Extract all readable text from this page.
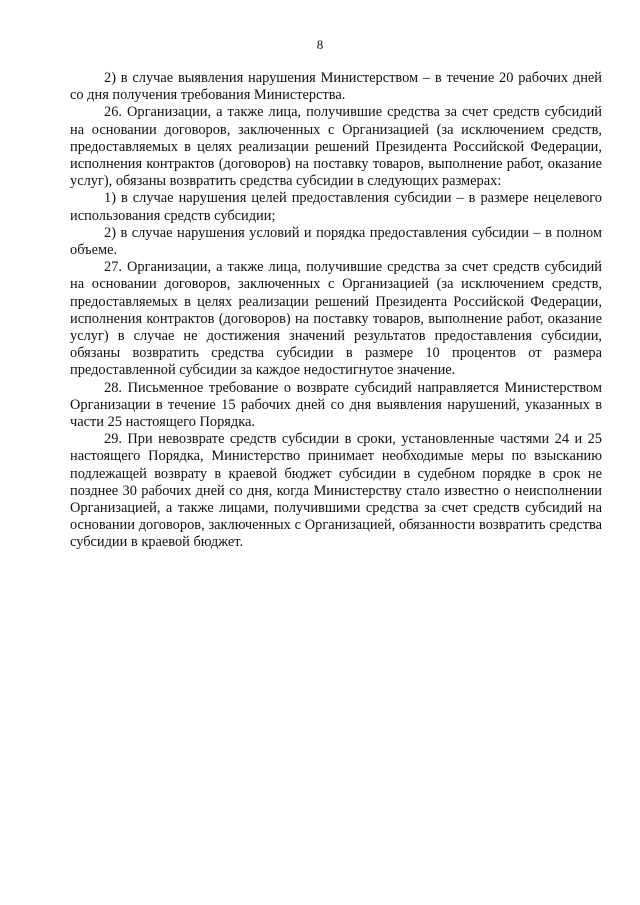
8

2) в случае выявления нарушения Министерством – в течение 20 рабочих дней со дня получения требования Министерства.

26. Организации, а также лица, получившие средства за счет средств субсидий на основании договоров, заключенных с Организацией (за исключением средств, предоставляемых в целях реализации решений Президента Российской Федерации, исполнения контрактов (договоров) на поставку товаров, выполнение работ, оказание услуг), обязаны возвратить средства субсидии в следующих размерах:

1) в случае нарушения целей предоставления субсидии – в размере нецелевого использования средств субсидии;

2) в случае нарушения условий и порядка предоставления субсидии – в полном объеме.

27. Организации, а также лица, получившие средства за счет средств субсидий на основании договоров, заключенных с Организацией (за исключением средств, предоставляемых в целях реализации решений Президента Российской Федерации, исполнения контрактов (договоров) на поставку товаров, выполнение работ, оказание услуг) в случае не достижения значений результатов предоставления субсидии, обязаны возвратить средства субсидии в размере 10 процентов от размера предоставленной субсидии за каждое недостигнутое значение.

28. Письменное требование о возврате субсидий направляется Министерством Организации в течение 15 рабочих дней со дня выявления нарушений, указанных в части 25 настоящего Порядка.

29. При невозврате средств субсидии в сроки, установленные частями 24 и 25 настоящего Порядка, Министерство принимает необходимые меры по взысканию подлежащей возврату в краевой бюджет субсидии в судебном порядке в срок не позднее 30 рабочих дней со дня, когда Министерству стало известно о неисполнении Организацией, а также лицами, получившими средства за счет средств субсидий на основании договоров, заключенных с Организацией, обязанности возвратить средства субсидии в краевой бюджет.
